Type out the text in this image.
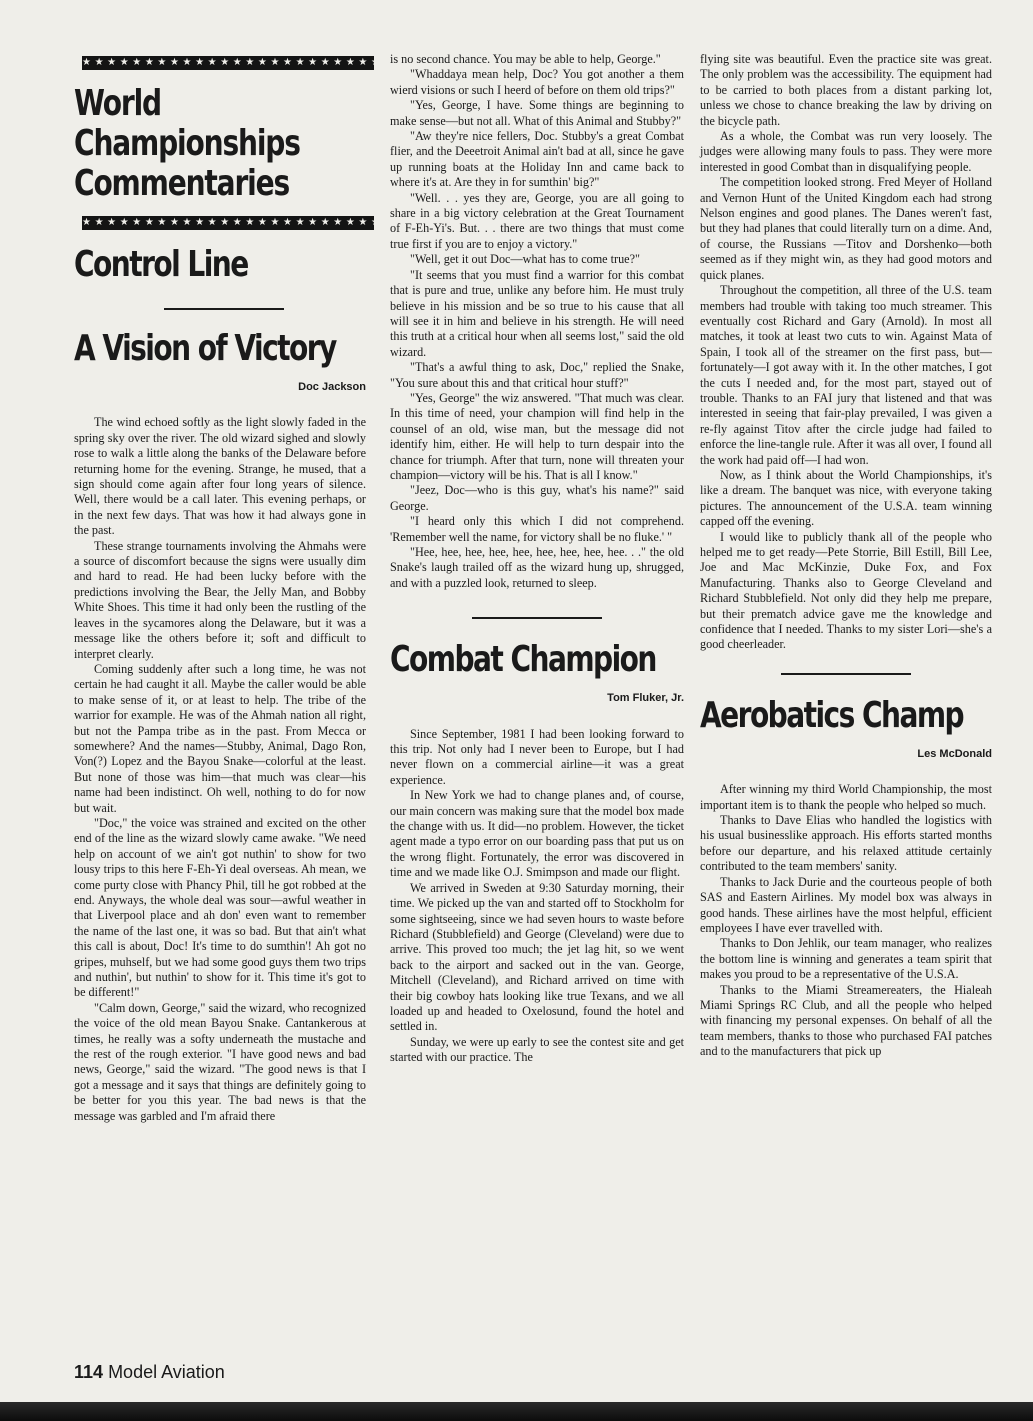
★★★★★★★★★★★★★★★★★★★★★★★★★★
World
Championships
Commentaries
★★★★★★★★★★★★★★★★★★★★★★★★★★
Control Line
A Vision of Victory
Doc Jackson

The wind echoed softly as the light slowly faded in the spring sky over the river. The old wizard sighed and slowly rose to walk a little along the banks of the Delaware before returning home for the evening. Strange, he mused, that a sign should come again after four long years of silence. Well, there would be a call later. This evening perhaps, or in the next few days. That was how it had always gone in the past.

These strange tournaments involving the Ahmahs were a source of discomfort because the signs were usually dim and hard to read. He had been lucky before with the predictions involving the Bear, the Jelly Man, and Bobby White Shoes. This time it had only been the rustling of the leaves in the sycamores along the Delaware, but it was a message like the others before it; soft and difficult to interpret clearly.

Coming suddenly after such a long time, he was not certain he had caught it all. Maybe the caller would be able to make sense of it, or at least to help. The tribe of the warrior for example. He was of the Ahmah nation all right, but not the Pampa tribe as in the past. From Mecca or somewhere? And the names—Stubby, Animal, Dago Ron, Von(?) Lopez and the Bayou Snake—colorful at the least. But none of those was him—that much was clear—his name had been indistinct. Oh well, nothing to do for now but wait.

"Doc," the voice was strained and excited on the other end of the line as the wizard slowly came awake. "We need help on account of we ain't got nuthin' to show for two lousy trips to this here F-Eh-Yi deal overseas. Ah mean, we come purty close with Phancy Phil, till he got robbed at the end. Anyways, the whole deal was sour—awful weather in that Liverpool place and ah don' even want to remember the name of the last one, it was so bad. But that ain't what this call is about, Doc! It's time to do sumthin'! Ah got no gripes, muhself, but we had some good guys them two trips and nuthin', but nuthin' to show for it. This time it's got to be different!"

"Calm down, George," said the wizard, who recognized the voice of the old mean Bayou Snake. Cantankerous at times, he really was a softy underneath the mustache and the rest of the rough exterior. "I have good news and bad news, George," said the wizard. "The good news is that I got a message and it says that things are definitely going to be better for you this year. The bad news is that the message was garbled and I'm afraid there

is no second chance. You may be able to help, George."

"Whaddaya mean help, Doc? You got another a them wierd visions or such I heerd of before on them old trips?"

"Yes, George, I have. Some things are beginning to make sense—but not all. What of this Animal and Stubby?"

"Aw they're nice fellers, Doc. Stubby's a great Combat flier, and the Deeetroit Animal ain't bad at all, since he gave up running boats at the Holiday Inn and came back to where it's at. Are they in for sumthin' big?"

"Well. . . yes they are, George, you are all going to share in a big victory celebration at the Great Tournament of F-Eh-Yi's. But. . . there are two things that must come true first if you are to enjoy a victory."

"Well, get it out Doc—what has to come true?"

"It seems that you must find a warrior for this combat that is pure and true, unlike any before him. He must truly believe in his mission and be so true to his cause that all will see it in him and believe in his strength. He will need this truth at a critical hour when all seems lost," said the old wizard.

"That's a awful thing to ask, Doc," replied the Snake, "You sure about this and that critical hour stuff?"

"Yes, George" the wiz answered. "That much was clear. In this time of need, your champion will find help in the counsel of an old, wise man, but the message did not identify him, either. He will help to turn despair into the chance for triumph. After that turn, none will threaten your champion—victory will be his. That is all I know."

"Jeez, Doc—who is this guy, what's his name?" said George.

"I heard only this which I did not comprehend. 'Remember well the name, for victory shall be no fluke.' "

"Hee, hee, hee, hee, hee, hee, hee, hee, hee. . ." the old Snake's laugh trailed off as the wizard hung up, shrugged, and with a puzzled look, returned to sleep.

Combat Champion
Tom Fluker, Jr.

Since September, 1981 I had been looking forward to this trip. Not only had I never been to Europe, but I had never flown on a commercial airline—it was a great experience.

In New York we had to change planes and, of course, our main concern was making sure that the model box made the change with us. It did—no problem. However, the ticket agent made a typo error on our boarding pass that put us on the wrong flight. Fortunately, the error was discovered in time and we made like O.J. Smimpson and made our flight.

We arrived in Sweden at 9:30 Saturday morning, their time. We picked up the van and started off to Stockholm for some sightseeing, since we had seven hours to waste before Richard (Stubblefield) and George (Cleveland) were due to arrive. This proved too much; the jet lag hit, so we went back to the airport and sacked out in the van. George, Mitchell (Cleveland), and Richard arrived on time with their big cowboy hats looking like true Texans, and we all loaded up and headed to Oxelosund, found the hotel and settled in.

Sunday, we were up early to see the contest site and get started with our practice. The

flying site was beautiful. Even the practice site was great. The only problem was the accessibility. The equipment had to be carried to both places from a distant parking lot, unless we chose to chance breaking the law by driving on the bicycle path.

As a whole, the Combat was run very loosely. The judges were allowing many fouls to pass. They were more interested in good Combat than in disqualifying people.

The competition looked strong. Fred Meyer of Holland and Vernon Hunt of the United Kingdom each had strong Nelson engines and good planes. The Danes weren't fast, but they had planes that could literally turn on a dime. And, of course, the Russians —Titov and Dorshenko—both seemed as if they might win, as they had good motors and quick planes.

Throughout the competition, all three of the U.S. team members had trouble with taking too much streamer. This eventually cost Richard and Gary (Arnold). In most all matches, it took at least two cuts to win. Against Mata of Spain, I took all of the streamer on the first pass, but—fortunately—I got away with it. In the other matches, I got the cuts I needed and, for the most part, stayed out of trouble. Thanks to an FAI jury that listened and that was interested in seeing that fair-play prevailed, I was given a re-fly against Titov after the circle judge had failed to enforce the line-tangle rule. After it was all over, I found all the work had paid off—I had won.

Now, as I think about the World Championships, it's like a dream. The banquet was nice, with everyone taking pictures. The announcement of the U.S.A. team winning capped off the evening.

I would like to publicly thank all of the people who helped me to get ready—Pete Storrie, Bill Estill, Bill Lee, Joe and Mac McKinzie, Duke Fox, and Fox Manufacturing. Thanks also to George Cleveland and Richard Stubblefield. Not only did they help me prepare, but their prematch advice gave me the knowledge and confidence that I needed. Thanks to my sister Lori—she's a good cheerleader.

Aerobatics Champ
Les McDonald

After winning my third World Championship, the most important item is to thank the people who helped so much.

Thanks to Dave Elias who handled the logistics with his usual businesslike approach. His efforts started months before our departure, and his relaxed attitude certainly contributed to the team members' sanity.

Thanks to Jack Durie and the courteous people of both SAS and Eastern Airlines. My model box was always in good hands. These airlines have the most helpful, efficient employees I have ever travelled with.

Thanks to Don Jehlik, our team manager, who realizes the bottom line is winning and generates a team spirit that makes you proud to be a representative of the U.S.A.

Thanks to the Miami Streamereaters, the Hialeah Miami Springs RC Club, and all the people who helped with financing my personal expenses. On behalf of all the team members, thanks to those who purchased FAI patches and to the manufacturers that pick up

114 Model Aviation
